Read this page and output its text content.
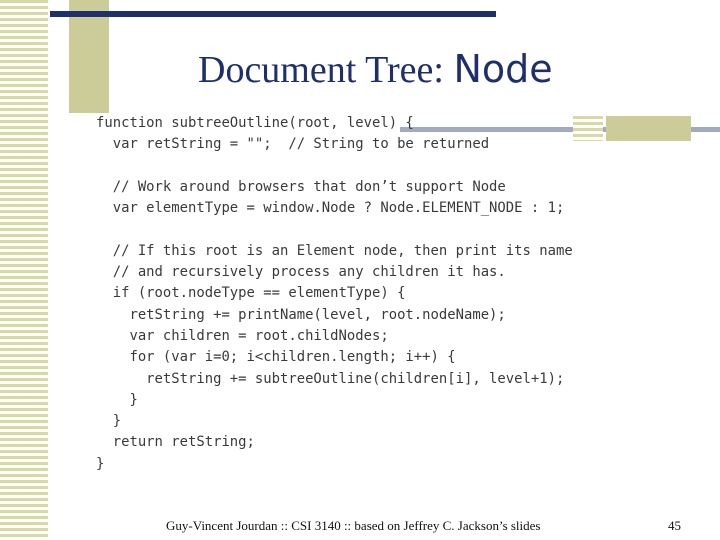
Document Tree: Node
function subtreeOutline(root, level) {
var retString = "";  // String to be returned
// Work around browsers that don’t support Node
var elementType = window.Node ? Node.ELEMENT_NODE : 1;
// If this root is an Element node, then print its name
// and recursively process any children it has.
if (root.nodeType == elementType) {
retString += printName(level, root.nodeName);
var children = root.childNodes;
for (var i=0; i<children.length; i++) {
retString += subtreeOutline(children[i], level+1);
}
}
return retString;
}
Guy-Vincent Jourdan :: CSI 3140 :: based on Jeffrey C. Jackson’s slides	45
